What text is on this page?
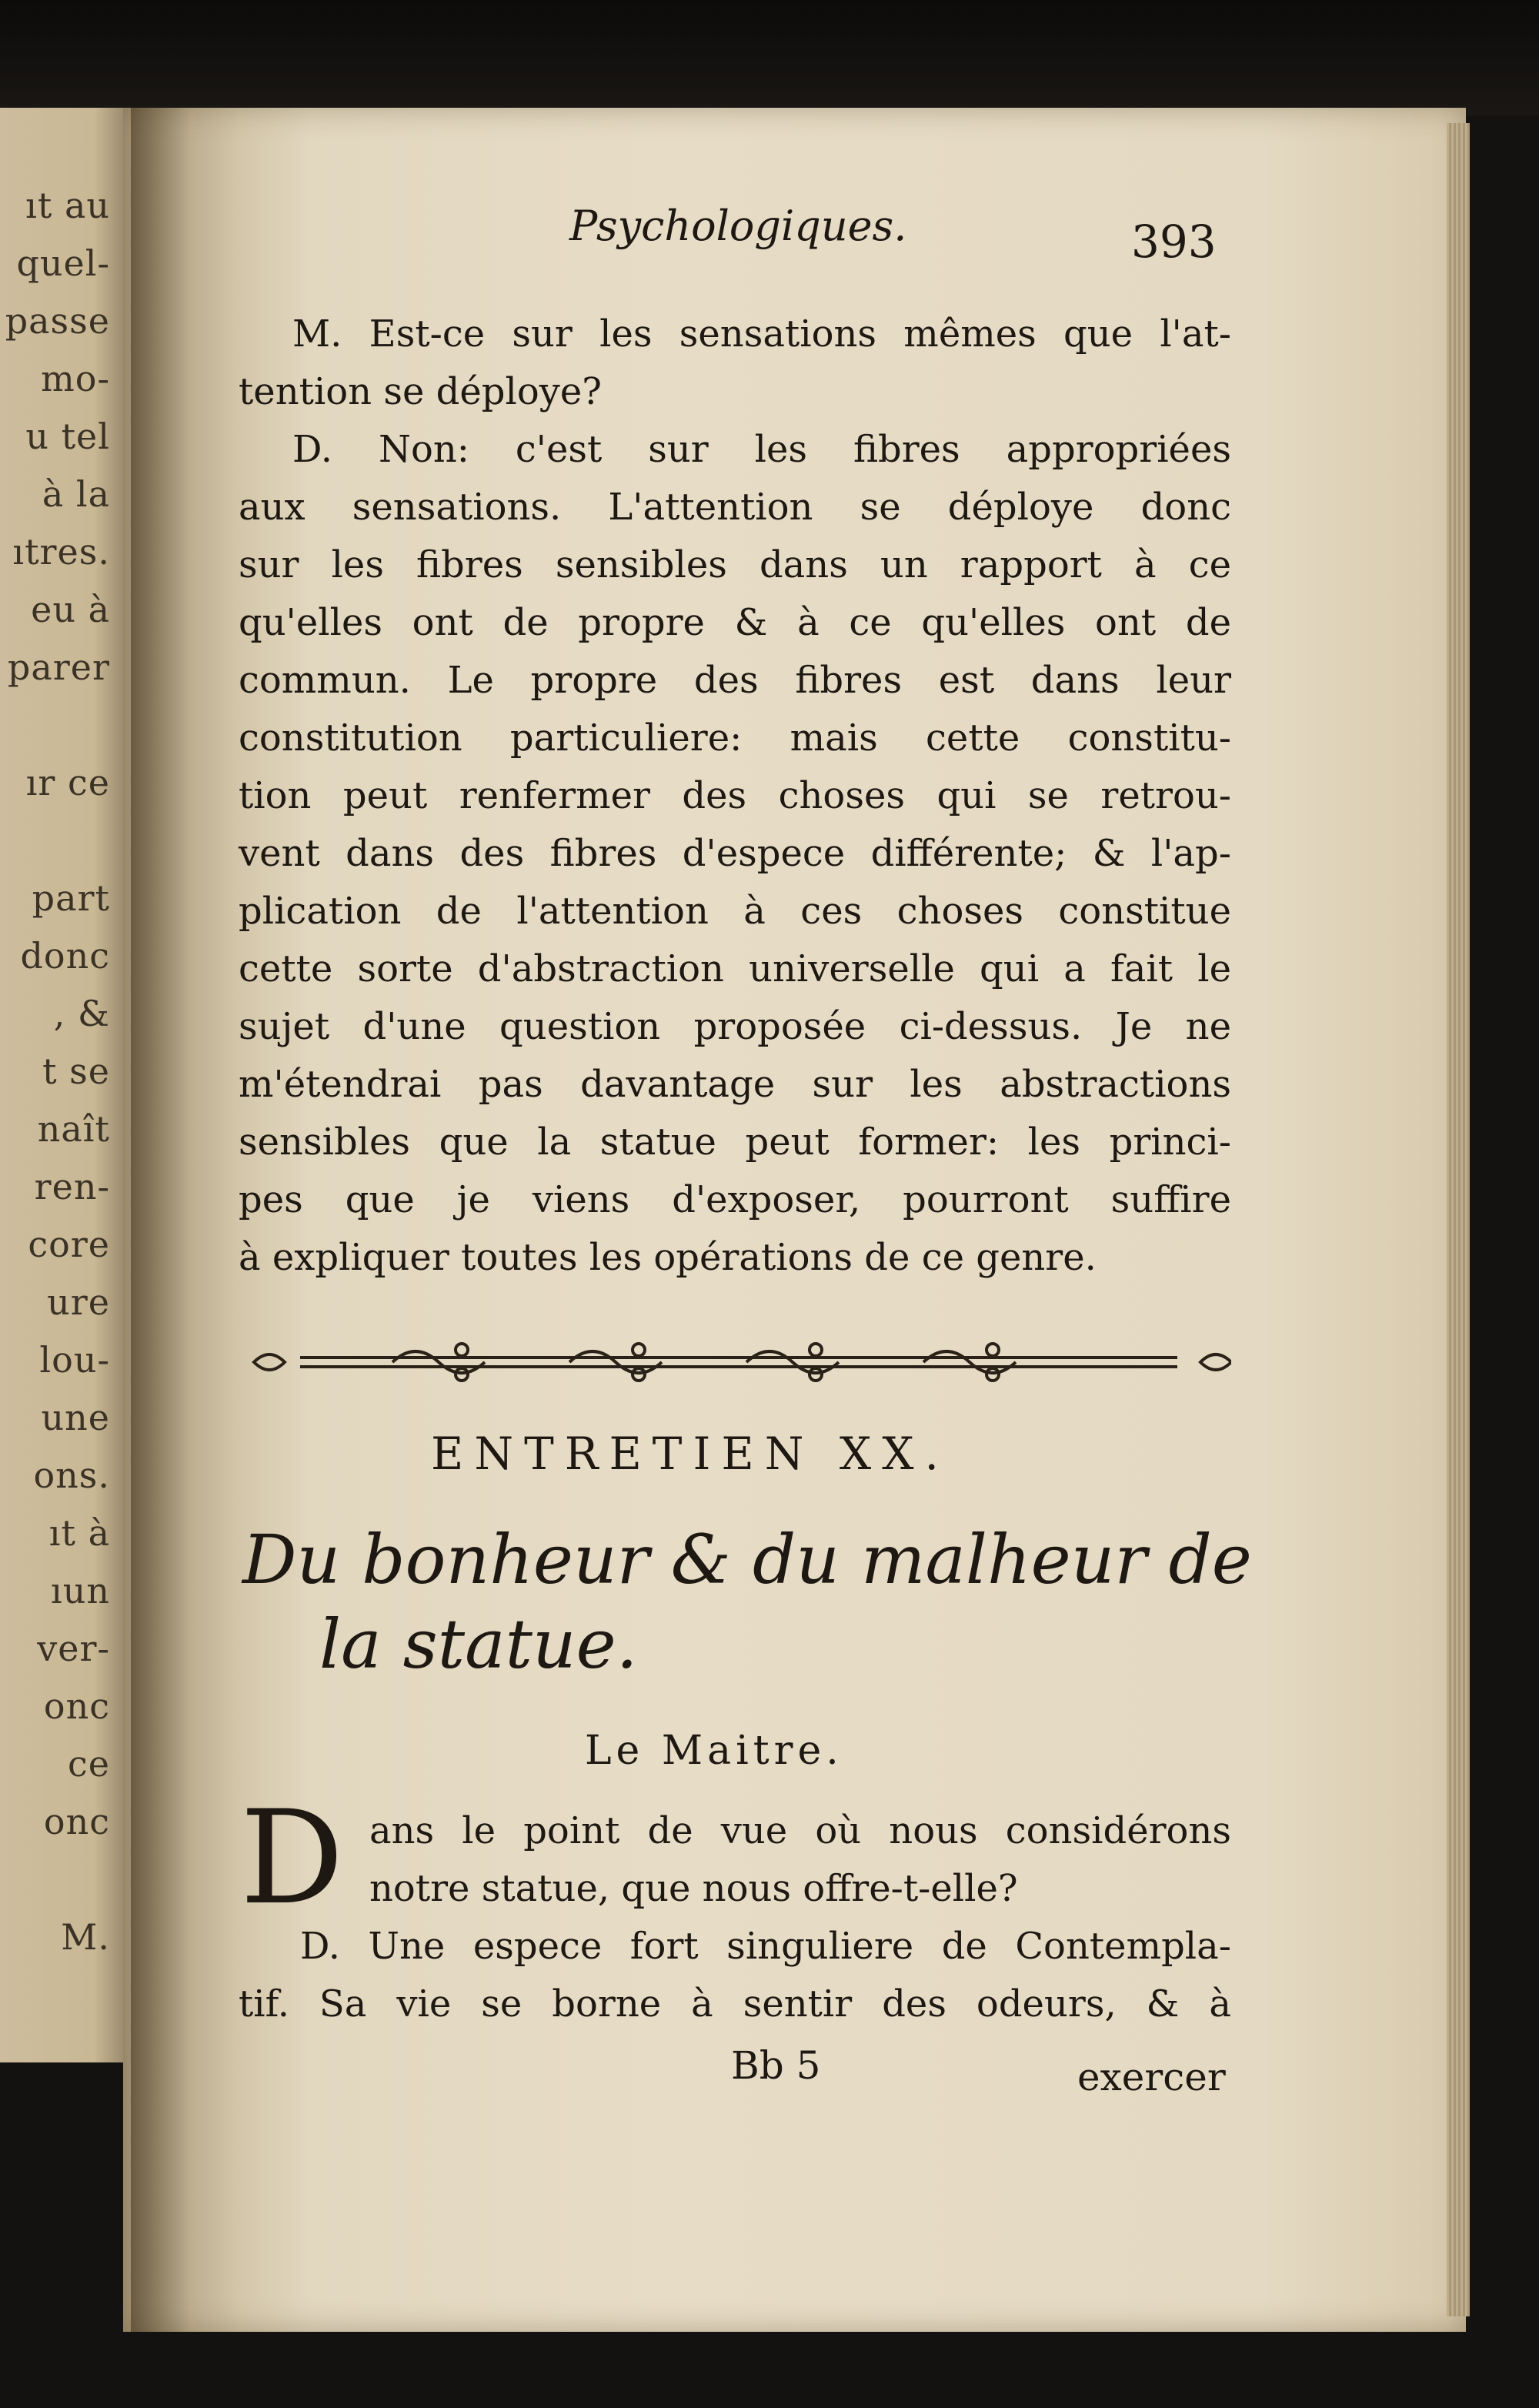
ıt au
quel-
passe
mo-
u tel
à la
ıtres.
eu à
parer
ır ce
part
donc
, &
t se
naît
ren-
core
ure
lou-
une
ons.
ıt à
ıun
ver-
onc
ce
onc
M.
Psychologiques.	393
M. Est-ce sur les sensations mêmes que l'at-
tention se déploye?
D. Non: c'est sur les fibres appropriées
aux sensations. L'attention se déploye donc
sur les fibres sensibles dans un rapport à ce
qu'elles ont de propre & à ce qu'elles ont de
commun. Le propre des fibres est dans leur
constitution particuliere: mais cette constitu-
tion peut renfermer des choses qui se retrou-
vent dans des fibres d'espece différente; & l'ap-
plication de l'attention à ces choses constitue
cette sorte d'abstraction universelle qui a fait le
sujet d'une question proposée ci-dessus. Je ne
m'étendrai pas davantage sur les abstractions
sensibles que la statue peut former: les princi-
pes que je viens d'exposer, pourront suffire
à expliquer toutes les opérations de ce genre.
ENTRETIEN XX.
Du bonheur & du malheur de
la statue.
Le Maitre.
D ans le point de vue où nous considérons
notre statue, que nous offre-t-elle?
D. Une espece fort singuliere de Contempla-
tif. Sa vie se borne à sentir des odeurs, & à
Bb 5	exercer
